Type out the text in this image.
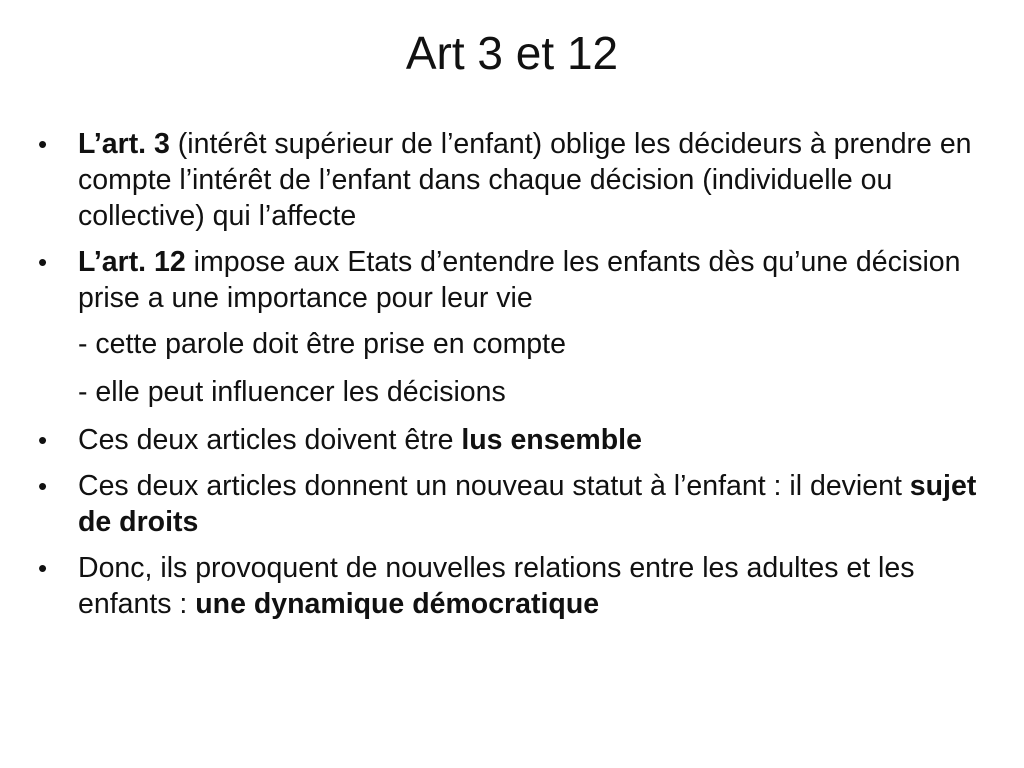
Art 3 et 12
•	L’art. 3 (intérêt supérieur de l’enfant) oblige les décideurs à prendre en compte l’intérêt de l’enfant dans chaque décision (individuelle ou collective) qui l’affecte
•	L’art. 12 impose aux Etats d’entendre les enfants dès qu’une décision prise a une importance pour leur vie
- cette parole doit être prise en compte
- elle peut influencer les décisions
•	Ces deux articles doivent être lus ensemble
•	Ces deux articles donnent un nouveau statut à l’enfant : il devient sujet de droits
•	Donc, ils provoquent de nouvelles relations entre les adultes et les enfants : une dynamique démocratique
